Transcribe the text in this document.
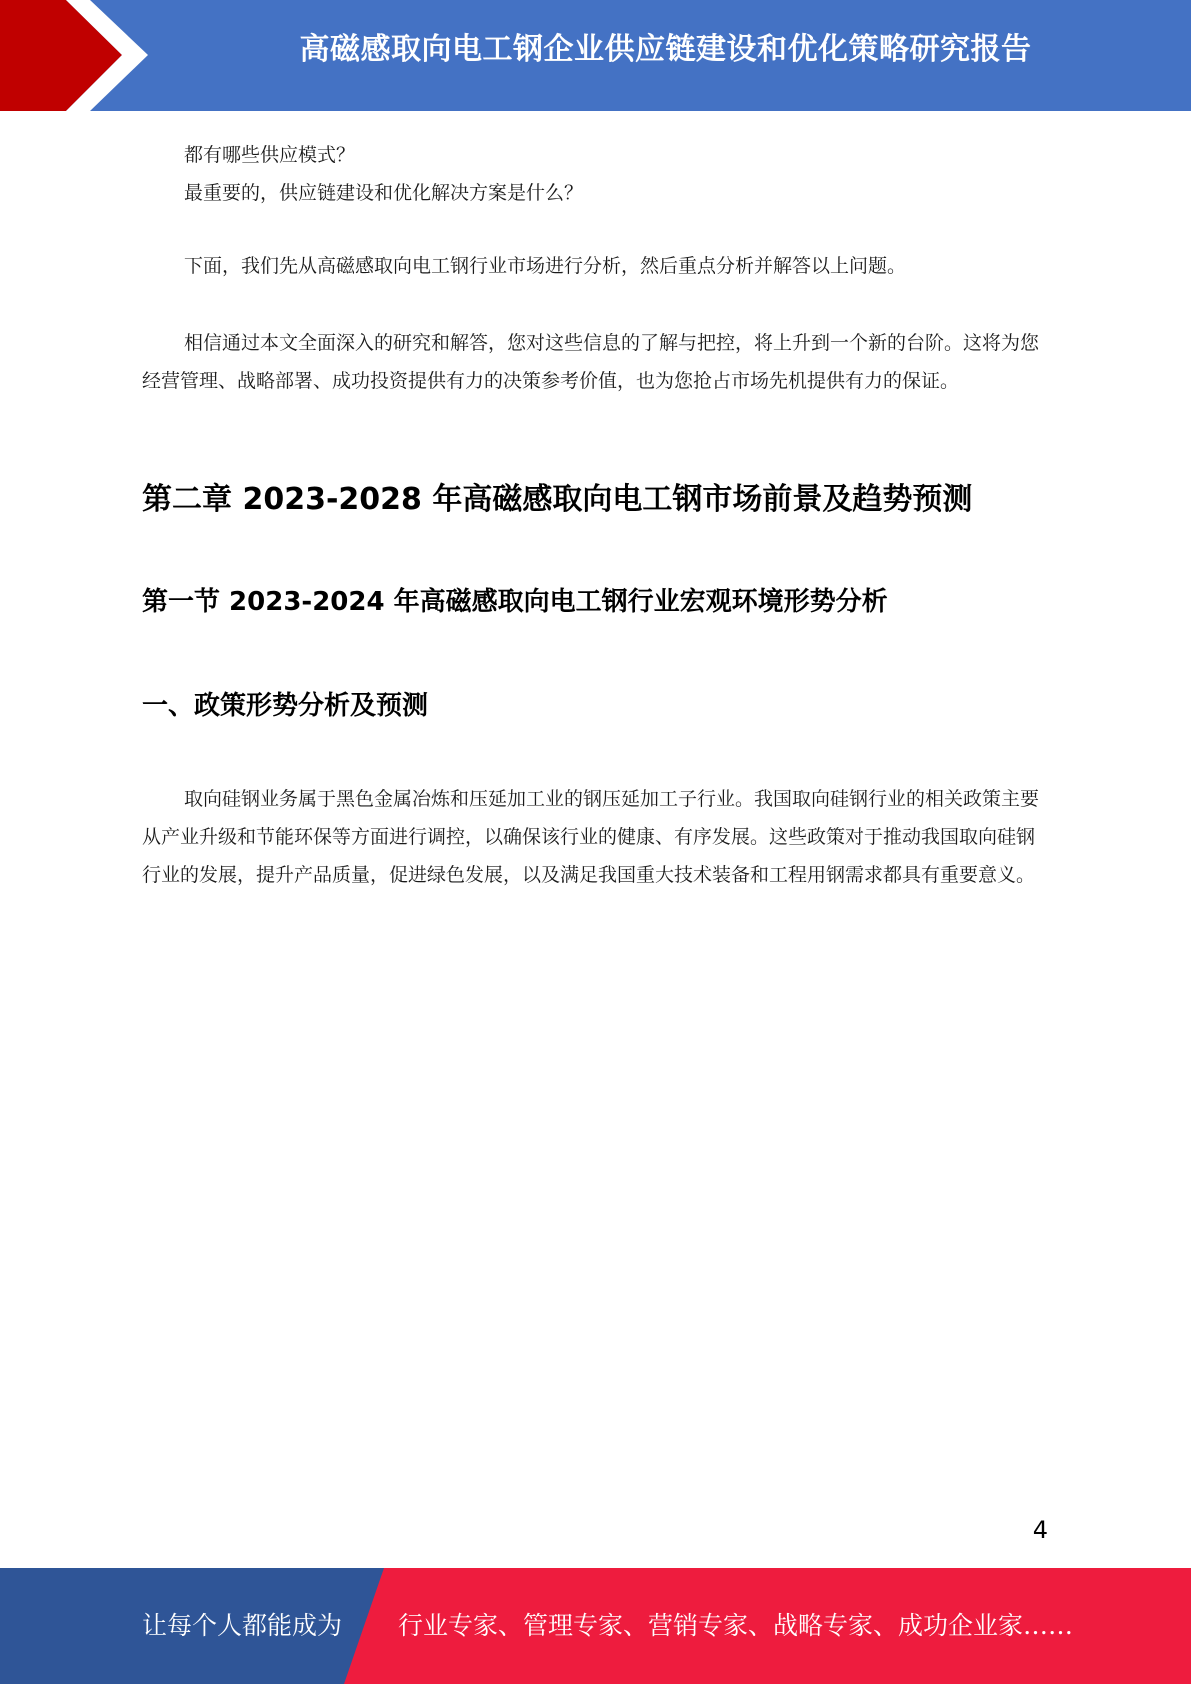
高磁感取向电工钢企业供应链建设和优化策略研究报告

都有哪些供应模式？

最重要的，供应链建设和优化解决方案是什么？

下面，我们先从高磁感取向电工钢行业市场进行分析，然后重点分析并解答以上问题。

相信通过本文全面深入的研究和解答，您对这些信息的了解与把控，将上升到一个新的台阶。这将为您经营管理、战略部署、成功投资提供有力的决策参考价值，也为您抢占市场先机提供有力的保证。

第二章 2023-2028 年高磁感取向电工钢市场前景及趋势预测
第一节 2023-2024 年高磁感取向电工钢行业宏观环境形势分析
一、政策形势分析及预测

取向硅钢业务属于黑色金属冶炼和压延加工业的钢压延加工子行业。我国取向硅钢行业的相关政策主要从产业升级和节能环保等方面进行调控，以确保该行业的健康、有序发展。这些政策对于推动我国取向硅钢行业的发展，提升产品质量，促进绿色发展，以及满足我国重大技术装备和工程用钢需求都具有重要意义。

4
让每个人都能成为 行业专家、管理专家、营销专家、战略专家、成功企业家……
